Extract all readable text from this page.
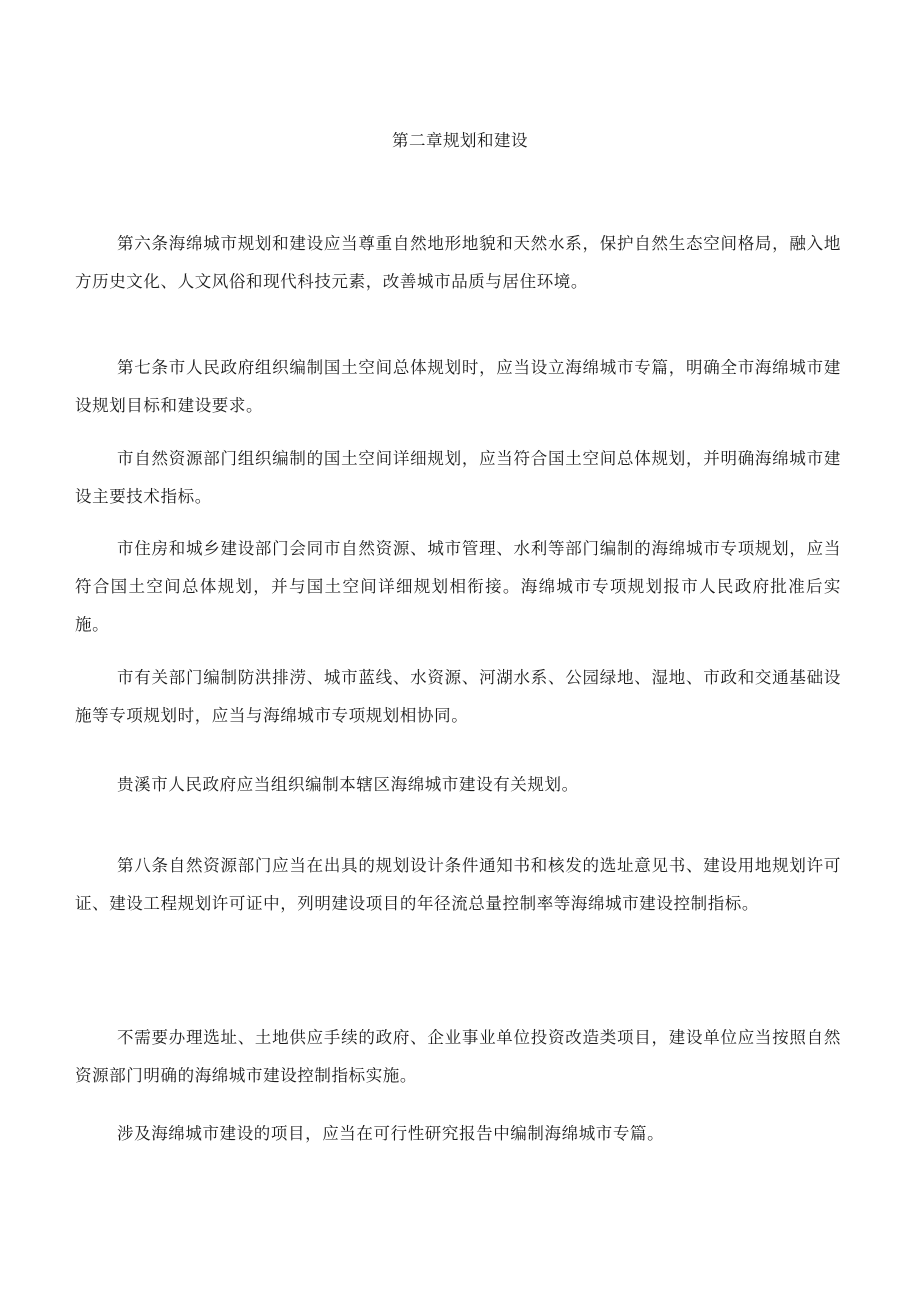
第二章规划和建设

第六条海绵城市规划和建设应当尊重自然地形地貌和天然水系，保护自然生态空间格局，融入地方历史文化、人文风俗和现代科技元素，改善城市品质与居住环境。

第七条市人民政府组织编制国土空间总体规划时，应当设立海绵城市专篇，明确全市海绵城市建设规划目标和建设要求。

市自然资源部门组织编制的国土空间详细规划，应当符合国土空间总体规划，并明确海绵城市建设主要技术指标。

市住房和城乡建设部门会同市自然资源、城市管理、水利等部门编制的海绵城市专项规划，应当符合国土空间总体规划，并与国土空间详细规划相衔接。海绵城市专项规划报市人民政府批准后实施。

市有关部门编制防洪排涝、城市蓝线、水资源、河湖水系、公园绿地、湿地、市政和交通基础设施等专项规划时，应当与海绵城市专项规划相协同。

贵溪市人民政府应当组织编制本辖区海绵城市建设有关规划。

第八条自然资源部门应当在出具的规划设计条件通知书和核发的选址意见书、建设用地规划许可证、建设工程规划许可证中，列明建设项目的年径流总量控制率等海绵城市建设控制指标。

不需要办理选址、土地供应手续的政府、企业事业单位投资改造类项目，建设单位应当按照自然资源部门明确的海绵城市建设控制指标实施。

涉及海绵城市建设的项目，应当在可行性研究报告中编制海绵城市专篇。
